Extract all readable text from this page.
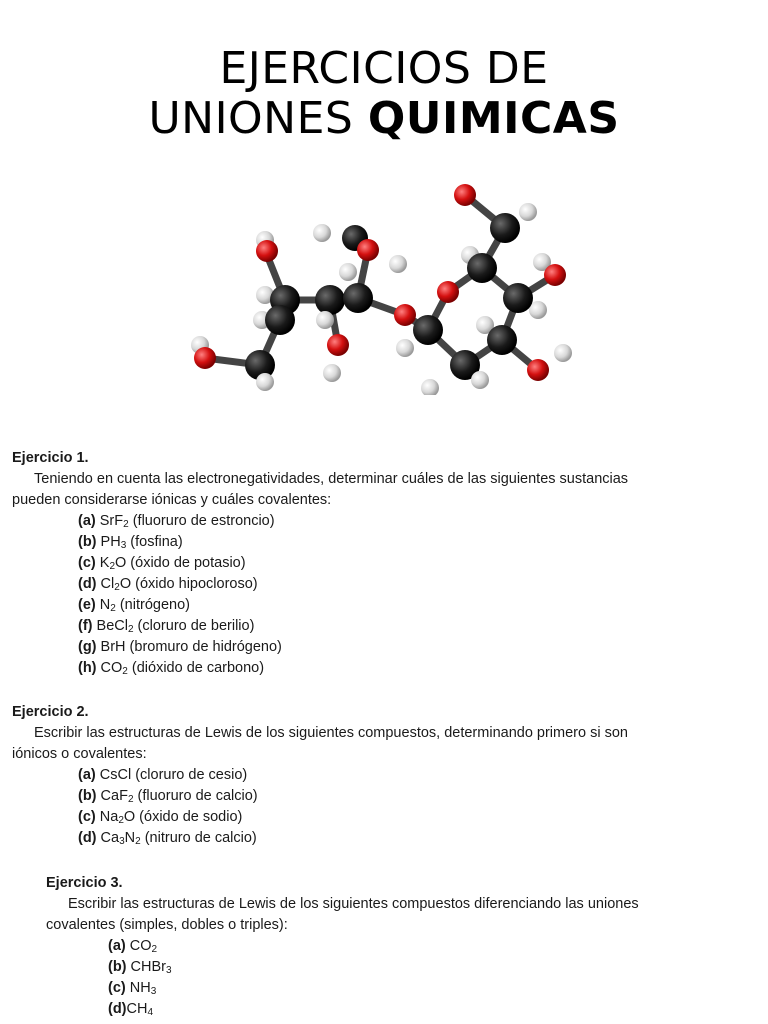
EJERCICIOS DE
UNIONES QUIMICAS
Ejercicio 1.
Teniendo en cuenta las electronegatividades, determinar cuáles de las siguientes sustancias
pueden considerarse iónicas y cuáles covalentes:
(a) SrF$_2$ (fluoruro de estroncio)
(b) $PH_3$ (fosfina)
(c) $K_2O$ (óxido de potasio)
(d) $Cl_2O$ (óxido hipocloroso)
(e) $N_2$ (nitrógeno)
(f) BeCl$_2$ (cloruro de berilio)
(g) BrH (bromuro de hidrógeno)
(h) $CO_2$ (dióxido de carbono)
Ejercicio 2.
Escribir las estructuras de Lewis de los siguientes compuestos, determinando primero si son
iónicos o covalentes:
(a) CsCl (cloruro de cesio)
(b) CaF$_2$ (fluoruro de calcio)
(c) $Na_2O$ (óxido de sodio)
(d) $Ca_3N_2$ (nitruro de calcio)
Ejercicio 3.
Escribir las estructuras de Lewis de los siguientes compuestos diferenciando las uniones
covalentes (simples, dobles o triples):
(a) $CO_2$
(b) CHBr$_3$
(c) $NH_3$
$(d)CH_4$
